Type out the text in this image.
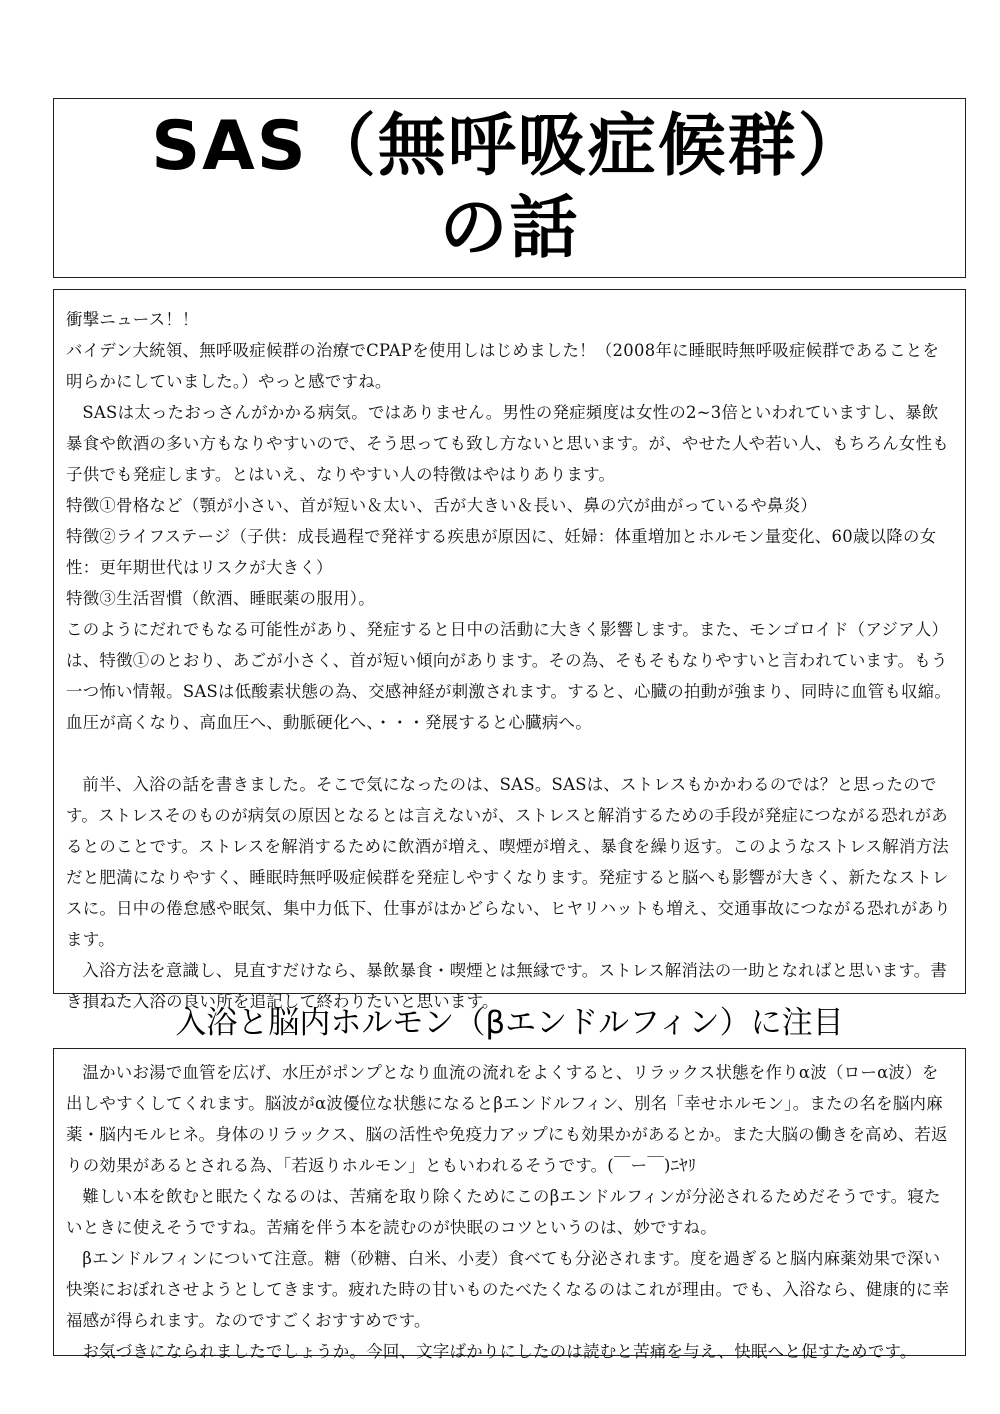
SAS（無呼吸症候群）
の話

衝撃ニュース！！

バイデン大統領、無呼吸症候群の治療でCPAPを使用しはじめました！（2008年に睡眠時無呼吸症候群であることを明らかにしていました。）やっと感ですね。

SASは太ったおっさんがかかる病気。ではありません。男性の発症頻度は女性の2~3倍といわれていますし、暴飲暴食や飲酒の多い方もなりやすいので、そう思っても致し方ないと思います。が、やせた人や若い人、もちろん女性も子供でも発症します。とはいえ、なりやすい人の特徴はやはりあります。

特徴①骨格など（顎が小さい、首が短い＆太い、舌が大きい＆長い、鼻の穴が曲がっているや鼻炎）

特徴②ライフステージ（子供：成長過程で発祥する疾患が原因に、妊婦：体重増加とホルモン量変化、60歳以降の女性：更年期世代はリスクが大きく）

特徴③生活習慣（飲酒、睡眠薬の服用）。

このようにだれでもなる可能性があり、発症すると日中の活動に大きく影響します。また、モンゴロイド（アジア人）は、特徴①のとおり、あごが小さく、首が短い傾向があります。その為、そもそもなりやすいと言われています。もう一つ怖い情報。SASは低酸素状態の為、交感神経が刺激されます。すると、心臓の拍動が強まり、同時に血管も収縮。血圧が高くなり、高血圧へ、動脈硬化へ、・・・発展すると心臓病へ。

前半、入浴の話を書きました。そこで気になったのは、SAS。SASは、ストレスもかかわるのでは？と思ったのです。ストレスそのものが病気の原因となるとは言えないが、ストレスと解消するための手段が発症につながる恐れがあるとのことです。ストレスを解消するために飲酒が増え、喫煙が増え、暴食を繰り返す。このようなストレス解消方法だと肥満になりやすく、睡眠時無呼吸症候群を発症しやすくなります。発症すると脳へも影響が大きく、新たなストレスに。日中の倦怠感や眠気、集中力低下、仕事がはかどらない、ヒヤリハットも増え、交通事故につながる恐れがあります。

入浴方法を意識し、見直すだけなら、暴飲暴食・喫煙とは無縁です。ストレス解消法の一助となればと思います。書き損ねた入浴の良い所を追記して終わりたいと思います。

入浴と脳内ホルモン（βエンドルフィン）に注目

温かいお湯で血管を広げ、水圧がポンプとなり血流の流れをよくすると、リラックス状態を作りα波（ローα波）を出しやすくしてくれます。脳波がα波優位な状態になるとβエンドルフィン、別名「幸せホルモン」。またの名を脳内麻薬・脳内モルヒネ。身体のリラックス、脳の活性や免疫力アップにも効果かがあるとか。また大脳の働きを高め、若返りの効果があるとされる為、「若返りホルモン」ともいわれるそうです。(￣ー￣)ﾆﾔﾘ

難しい本を飲むと眠たくなるのは、苦痛を取り除くためにこのβエンドルフィンが分泌されるためだそうです。寝たいときに使えそうですね。苦痛を伴う本を読むのが快眠のコツというのは、妙ですね。

βエンドルフィンについて注意。糖（砂糖、白米、小麦）食べても分泌されます。度を過ぎると脳内麻薬効果で深い快楽におぼれさせようとしてきます。疲れた時の甘いものたべたくなるのはこれが理由。でも、入浴なら、健康的に幸福感が得られます。なのですごくおすすめです。

お気づきになられましたでしょうか。今回、文字ばかりにしたのは読むと苦痛を与え、快眠へと促すためです。
